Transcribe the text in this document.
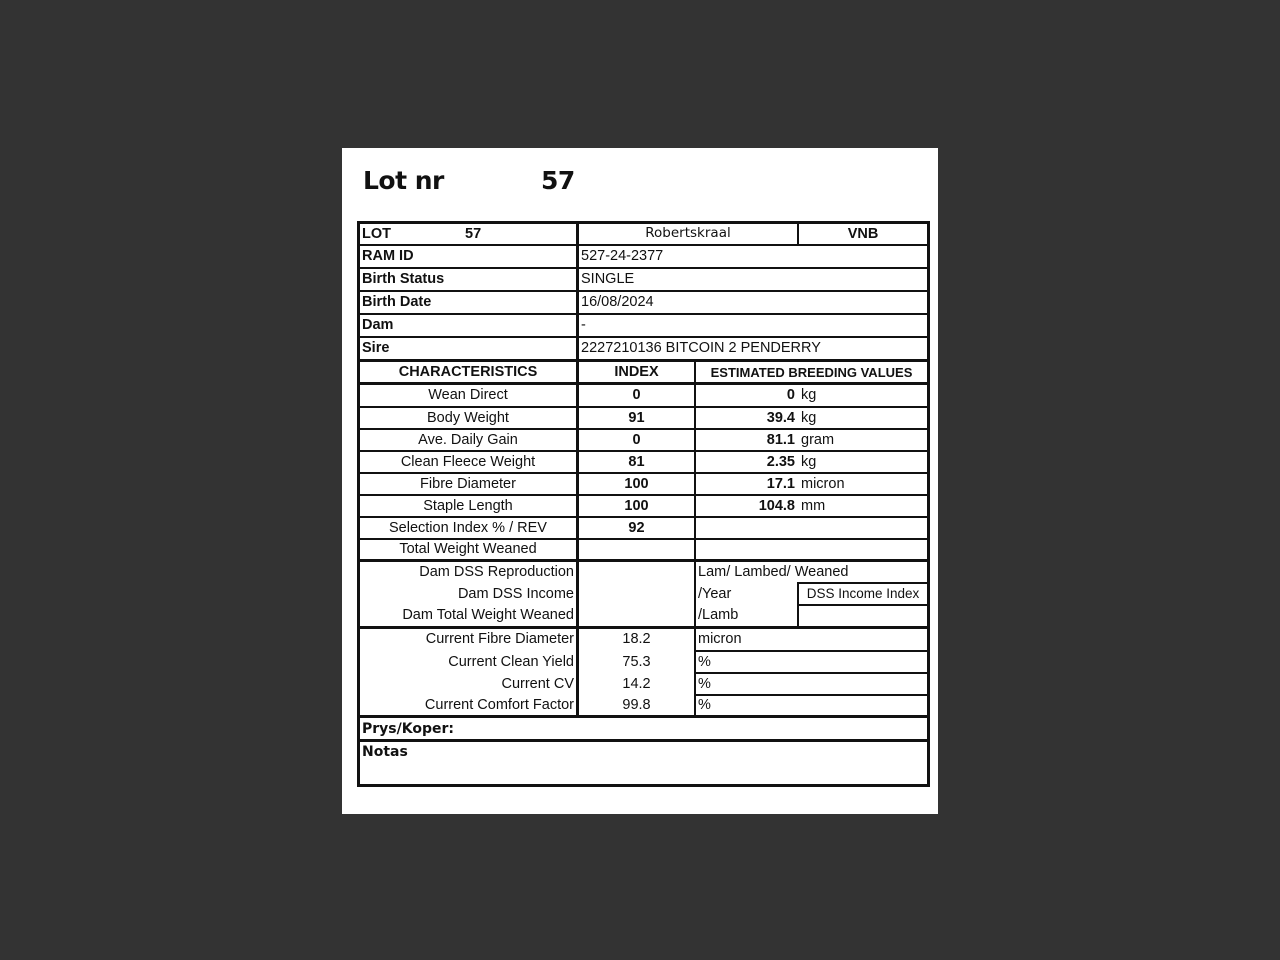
Lot nr	57
LOT	57	Robertskraal	VNB
RAM ID	527-24-2377
Birth Status	SINGLE
Birth Date	16/08/2024
Dam	-
Sire	2227210136 BITCOIN 2 PENDERRY
CHARACTERISTICS	INDEX	ESTIMATED BREEDING VALUES
Wean Direct	0	0 kg
Body Weight	91	39.4 kg
Ave. Daily Gain	0	81.1 gram
Clean Fleece Weight	81	2.35 kg
Fibre Diameter	100	17.1 micron
Staple Length	100	104.8 mm
Selection Index % / REV	92
Total Weight Weaned
Dam DSS Reproduction	Lam/ Lambed/ Weaned
Dam DSS Income	/Year	DSS Income Index
Dam Total Weight Weaned	/Lamb
Current Fibre Diameter	18.2	micron
Current Clean Yield	75.3	%
Current CV	14.2	%
Current Comfort Factor	99.8	%
Prys/Koper:
Notas
